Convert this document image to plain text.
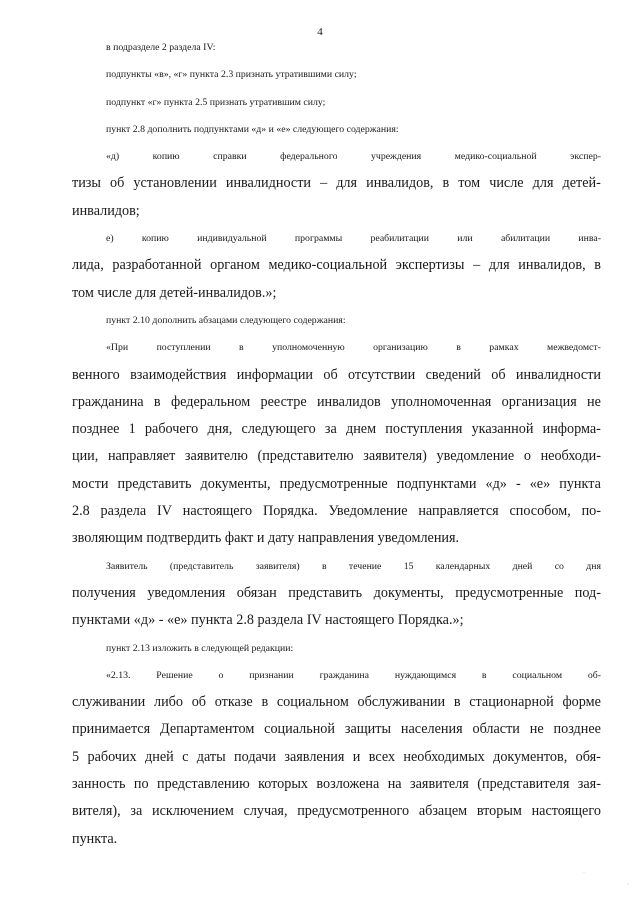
4
в подразделе 2 раздела IV:
подпункты «в», «г» пункта 2.3 признать утратившими силу;
подпункт «г» пункта 2.5 признать утратившим силу;
пункт 2.8 дополнить подпунктами «д» и «е» следующего содержания:
«д)	копию	справки	федерального	учреждения	медико-социальной	экспер-
тизы об установлении инвалидности – для инвалидов, в том числе для детей-
инвалидов;
е)	копию	индивидуальной	программы	реабилитации	или	абилитации	инва-
лида, разработанной органом медико-социальной экспертизы – для инвалидов, в
том числе для детей-инвалидов.»;
пункт 2.10 дополнить абзацами следующего содержания:
«При	поступлении	в	уполномоченную	организацию	в	рамках	межведомст-
венного взаимодействия информации об отсутствии сведений об инвалидности
гражданина в федеральном реестре инвалидов уполномоченная организация не
позднее 1 рабочего дня, следующего за днем поступления указанной информа-
ции, направляет заявителю (представителю заявителя) уведомление о необходи-
мости представить документы, предусмотренные подпунктами «д» - «е» пункта
2.8 раздела IV настоящего Порядка. Уведомление направляется способом, по-
зволяющим подтвердить факт и дату направления уведомления.
Заявитель (представитель заявителя) в течение 15 календарных дней со дня
получения уведомления обязан представить документы, предусмотренные под-
пунктами «д» - «е» пункта 2.8 раздела IV настоящего Порядка.»;
пункт 2.13 изложить в следующей редакции:
«2.13.	Решение	о	признании	гражданина	нуждающимся	в	социальном	об-
служивании либо об отказе в социальном обслуживании в стационарной форме
принимается Департаментом социальной защиты населения области не позднее
5 рабочих дней с даты подачи заявления и всех необходимых документов, обя-
занность по представлению которых возложена на заявителя (представителя зая-
вителя), за исключением случая, предусмотренного абзацем вторым настоящего
пункта.
·
·
